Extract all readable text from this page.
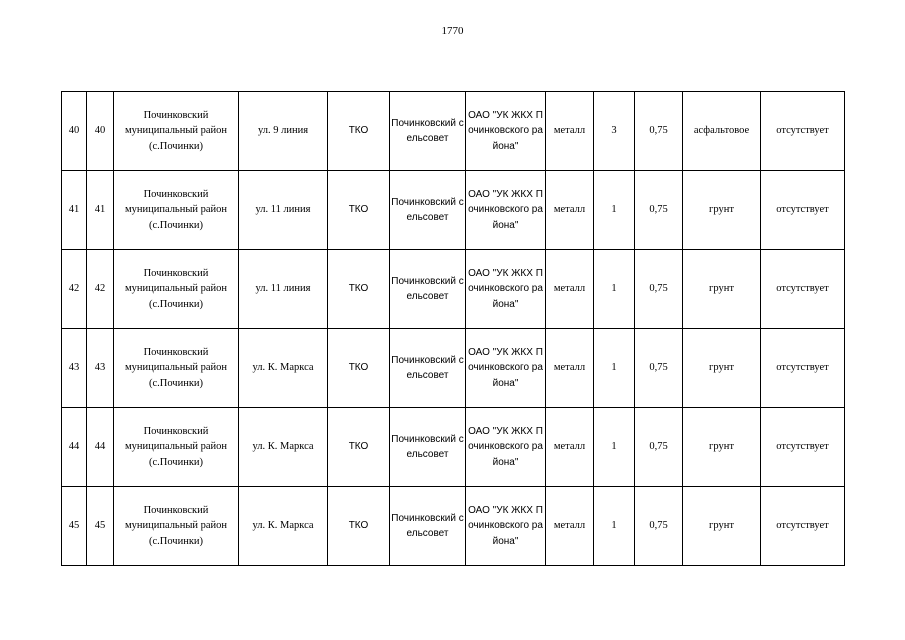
1770
40	40	Починковский муниципальный район (с.Починки)	ул. 9 линия	ТКО	Починковский сельсовет	ОАО "УК ЖКХ Починковского района"	металл	3	0,75	асфальтовое	отсутствует
41	41	Починковский муниципальный район (с.Починки)	ул. 11 линия	ТКО	Починковский сельсовет	ОАО "УК ЖКХ Починковского района"	металл	1	0,75	грунт	отсутствует
42	42	Починковский муниципальный район (с.Починки)	ул. 11 линия	ТКО	Починковский сельсовет	ОАО "УК ЖКХ Починковского района"	металл	1	0,75	грунт	отсутствует
43	43	Починковский муниципальный район (с.Починки)	ул. К. Маркса	ТКО	Починковский сельсовет	ОАО "УК ЖКХ Починковского района"	металл	1	0,75	грунт	отсутствует
44	44	Починковский муниципальный район (с.Починки)	ул. К. Маркса	ТКО	Починковский сельсовет	ОАО "УК ЖКХ Починковского района"	металл	1	0,75	грунт	отсутствует
45	45	Починковский муниципальный район (с.Починки)	ул. К. Маркса	ТКО	Починковский сельсовет	ОАО "УК ЖКХ Починковского района"	металл	1	0,75	грунт	отсутствует
